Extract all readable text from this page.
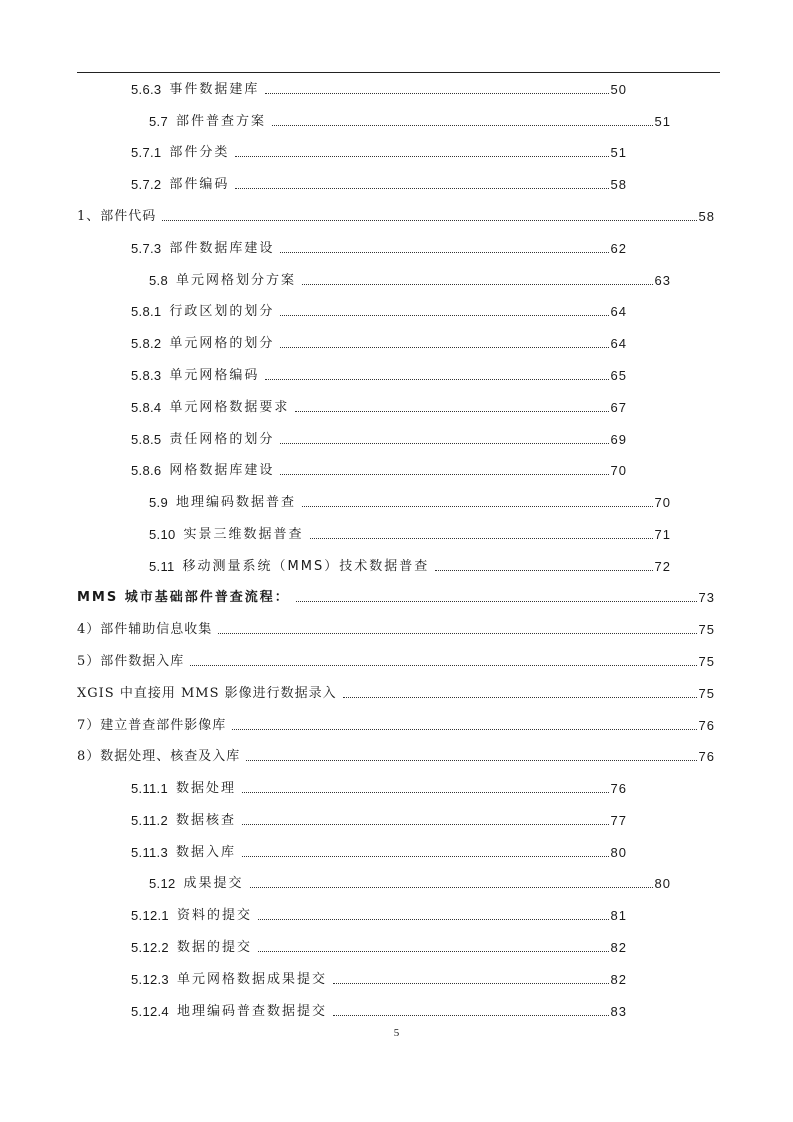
5.6.3 事件数据建库	50
5.7 部件普查方案	51
5.7.1 部件分类	51
5.7.2 部件编码	58
1、部件代码	58
5.7.3 部件数据库建设	62
5.8 单元网格划分方案	63
5.8.1 行政区划的划分	64
5.8.2 单元网格的划分	64
5.8.3 单元网格编码	65
5.8.4 单元网格数据要求	67
5.8.5 责任网格的划分	69
5.8.6 网格数据库建设	70
5.9 地理编码数据普查	70
5.10 实景三维数据普查	71
5.11 移动测量系统（MMS）技术数据普查	72
MMS 城市基础部件普查流程：	73
4）部件辅助信息收集	75
5）部件数据入库	75
XGIS 中直接用 MMS 影像进行数据录入	75
7）建立普查部件影像库	76
8）数据处理、核查及入库	76
5.11.1 数据处理	76
5.11.2 数据核查	77
5.11.3 数据入库	80
5.12 成果提交	80
5.12.1 资料的提交	81
5.12.2 数据的提交	82
5.12.3 单元网格数据成果提交	82
5.12.4 地理编码普查数据提交	83
5
